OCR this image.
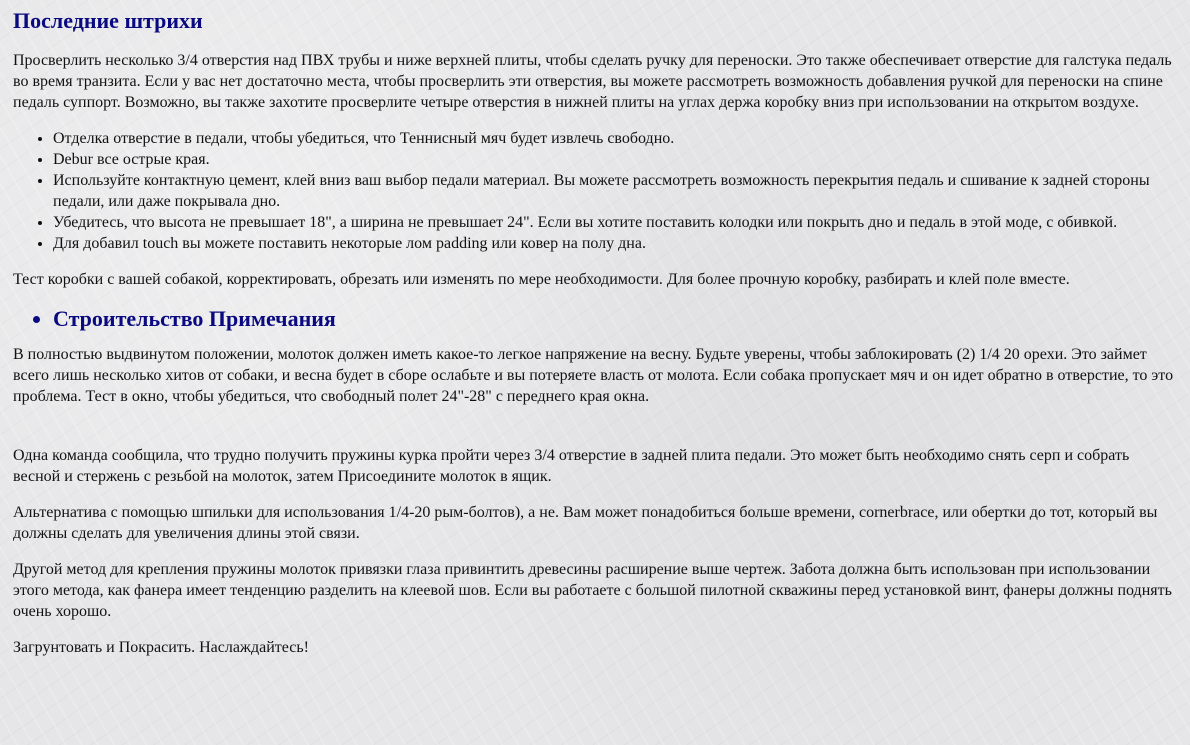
Последние штрихи

Просверлить несколько 3/4 отверстия над ПВХ трубы и ниже верхней плиты, чтобы сделать ручку для переноски. Это также обеспечивает отверстие для галстука педаль во время транзита. Если у вас нет достаточно места, чтобы просверлить эти отверстия, вы можете рассмотреть возможность добавления ручкой для переноски на спине педаль суппорт. Возможно, вы также захотите просверлите четыре отверстия в нижней плиты на углах держа коробку вниз при использовании на открытом воздухе.

• Отделка отверстие в педали, чтобы убедиться, что Теннисный мяч будет извлечь свободно.
• Debur все острые края.
• Используйте контактную цемент, клей вниз ваш выбор педали материал. Вы можете рассмотреть возможность перекрытия педаль и сшивание к задней стороны педали, или даже покрывала дно.
• Убедитесь, что высота не превышает 18", а ширина не превышает 24". Если вы хотите поставить колодки или покрыть дно и педаль в этой моде, с обивкой.
• Для добавил touch вы можете поставить некоторые лом padding или ковер на полу дна.

Тест коробки с вашей собакой, корректировать, обрезать или изменять по мере необходимости. Для более прочную коробку, разбирать и клей поле вместе.

• Строительство Примечания

В полностью выдвинутом положении, молоток должен иметь какое-то легкое напряжение на весну. Будьте уверены, чтобы заблокировать (2) 1/4 20 орехи. Это займет всего лишь несколько хитов от собаки, и весна будет в сборе ослабьте и вы потеряете власть от молота. Если собака пропускает мяч и он идет обратно в отверстие, то это проблема. Тест в окно, чтобы убедиться, что свободный полет 24"-28" с переднего края окна.

Одна команда сообщила, что трудно получить пружины курка пройти через 3/4 отверстие в задней плита педали. Это может быть необходимо снять серп и собрать весной и стержень с резьбой на молоток, затем Присоедините молоток в ящик.

Альтернатива с помощью шпильки для использования 1/4-20 рым-болтов), а не. Вам может понадобиться больше времени, cornerbrace, или обертки до тот, который вы должны сделать для увеличения длины этой связи.

Другой метод для крепления пружины молоток привязки глаза привинтить древесины расширение выше чертеж. Забота должна быть использован при использовании этого метода, как фанера имеет тенденцию разделить на клеевой шов. Если вы работаете с большой пилотной скважины перед установкой винт, фанеры должны поднять очень хорошо.

Загрунтовать и Покрасить. Наслаждайтесь!
